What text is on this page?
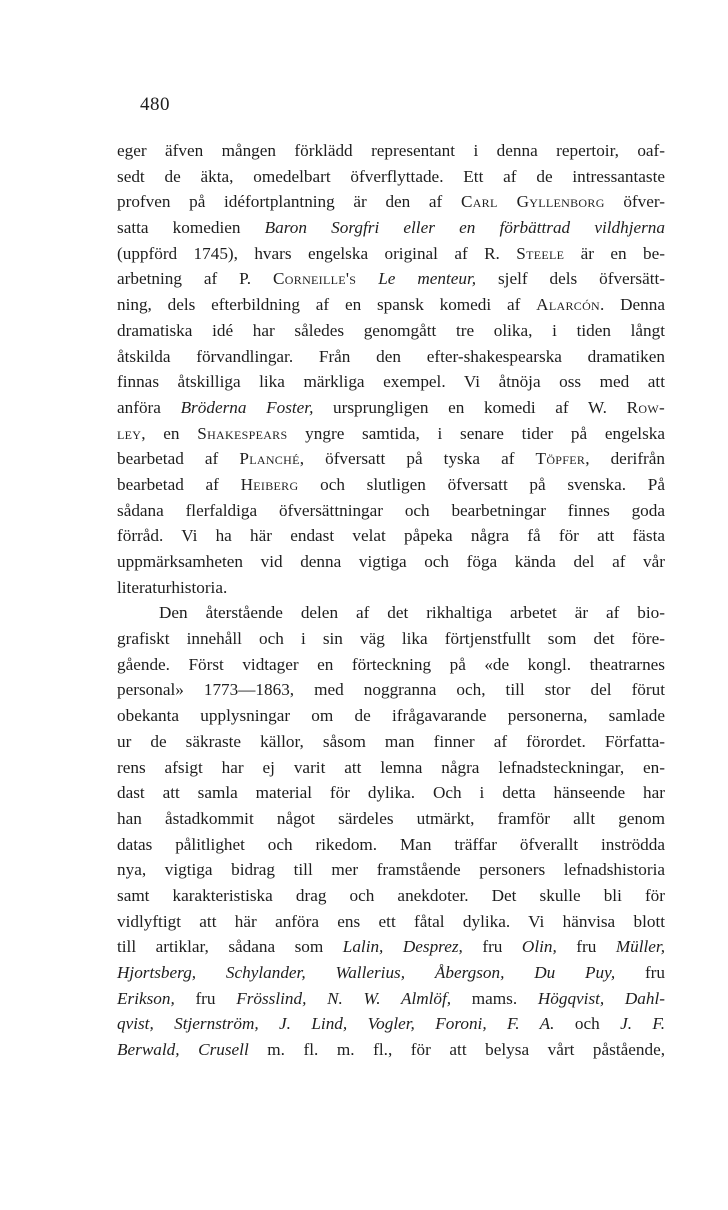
480
eger äfven mången förklädd representant i denna repertoir, oaf-
sedt de äkta, omedelbart öfverflyttade. Ett af de intressantaste
profven på idéfortplantning är den af Carl Gyllenborg öfver-
satta komedien Baron Sorgfri eller en förbättrad vildhjerna
(uppförd 1745), hvars engelska original af R. Steele är en be-
arbetning af P. Corneille's Le menteur, sjelf dels öfversätt-
ning, dels efterbildning af en spansk komedi af Alarcón. Denna
dramatiska idé har således genomgått tre olika, i tiden långt
åtskilda förvandlingar. Från den efter-shakespearska dramatiken
finnas åtskilliga lika märkliga exempel. Vi åtnöja oss med att
anföra Bröderna Foster, ursprungligen en komedi af W. Row-
ley, en Shakespears yngre samtida, i senare tider på engelska
bearbetad af Planché, öfversatt på tyska af Töpfer, derifrån
bearbetad af Heiberg och slutligen öfversatt på svenska. På
sådana flerfaldiga öfversättningar och bearbetningar finnes goda
förråd. Vi ha här endast velat påpeka några få för att fästa
uppmärksamheten vid denna vigtiga och föga kända del af vår
literaturhistoria.
Den återstående delen af det rikhaltiga arbetet är af bio-
grafiskt innehåll och i sin väg lika förtjenstfullt som det före-
gående. Först vidtager en förteckning på «de kongl. theatrarnes
personal» 1773—1863, med noggranna och, till stor del förut
obekanta upplysningar om de ifrågavarande personerna, samlade
ur de säkraste källor, såsom man finner af förordet. Författa-
rens afsigt har ej varit att lemna några lefnadsteckningar, en-
dast att samla material för dylika. Och i detta hänseende har
han åstadkommit något särdeles utmärkt, framför allt genom
datas pålitlighet och rikedom. Man träffar öfverallt inströdda
nya, vigtiga bidrag till mer framstående personers lefnadshistoria
samt karakteristiska drag och anekdoter. Det skulle bli för
vidlyftigt att här anföra ens ett fåtal dylika. Vi hänvisa blott
till artiklar, sådana som Lalin, Desprez, fru Olin, fru Müller,
Hjortsberg, Schylander, Wallerius, Åbergson, Du Puy, fru
Erikson, fru Frösslind, N. W. Almlöf, mams. Högqvist, Dahl-
qvist, Stjernström, J. Lind, Vogler, Foroni, F. A. och J. F.
Berwald, Crusell m. fl. m. fl., för att belysa vårt påstående,
